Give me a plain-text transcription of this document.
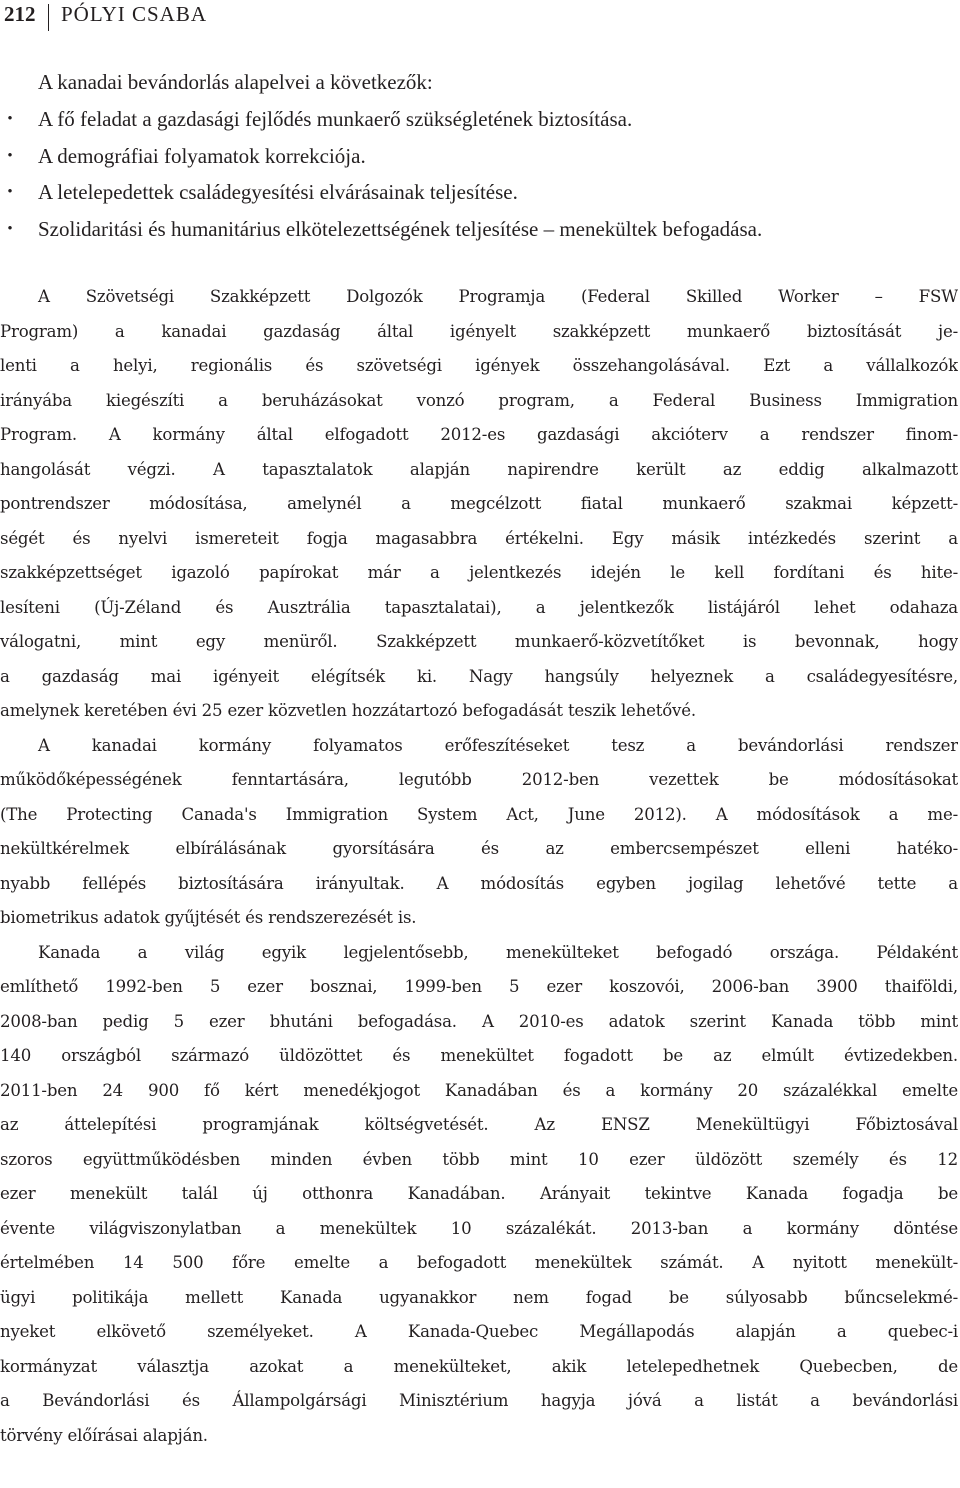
212 PÓLYI CSABA
A kanadai bevándorlás alapelvei a következők:
• A fő feladat a gazdasági fejlődés munkaerő szükségletének biztosítása.
• A demográfiai folyamatok korrekciója.
• A letelepedettek családegyesítési elvárásainak teljesítése.
• Szolidaritási és humanitárius elkötelezettségének teljesítése – menekültek befogadása.
A Szövetségi Szakképzett Dolgozók Programja (Federal Skilled Worker – FSW
Program) a kanadai gazdaság által igényelt szakképzett munkaerő biztosítását je-
lenti a helyi, regionális és szövetségi igények összehangolásával. Ezt a vállalkozók
irányába kiegészíti a beruházásokat vonzó program, a Federal Business Immigration
Program. A kormány által elfogadott 2012-es gazdasági akcióterv a rendszer finom-
hangolását végzi. A tapasztalatok alapján napirendre került az eddig alkalmazott
pontrendszer módosítása, amelynél a megcélzott fiatal munkaerő szakmai képzett-
ségét és nyelvi ismereteit fogja magasabbra értékelni. Egy másik intézkedés szerint a
szakképzettséget igazoló papírokat már a jelentkezés idején le kell fordítani és hite-
lesíteni (Új-Zéland és Ausztrália tapasztalatai), a jelentkezők listájáról lehet odahaza
válogatni, mint egy menüről. Szakképzett munkaerő-közvetítőket is bevonnak, hogy
a gazdaság mai igényeit elégítsék ki. Nagy hangsúly helyeznek a családegyesítésre,
amelynek keretében évi 25 ezer közvetlen hozzátartozó befogadását teszik lehetővé.
A kanadai kormány folyamatos erőfeszítéseket tesz a bevándorlási rendszer
működőképességének fenntartására, legutóbb 2012-ben vezettek be módosításokat
(The Protecting Canada's Immigration System Act, June 2012). A módosítások a me-
nekültkérelmek elbírálásának gyorsítására és az embercsempészet elleni hatéko-
nyabb fellépés biztosítására irányultak. A módosítás egyben jogilag lehetővé tette a
biometrikus adatok gyűjtését és rendszerezését is.
Kanada a világ egyik legjelentősebb, menekülteket befogadó országa. Példaként
említhető 1992-ben 5 ezer bosznai, 1999-ben 5 ezer koszovói, 2006-ban 3900 thaiföldi,
2008-ban pedig 5 ezer bhutáni befogadása. A 2010-es adatok szerint Kanada több mint
140 országból származó üldözöttet és menekültet fogadott be az elmúlt évtizedekben.
2011-ben 24 900 fő kért menedékjogot Kanadában és a kormány 20 százalékkal emelte
az áttelepítési programjának költségvetését. Az ENSZ Menekültügyi Főbiztosával
szoros együttműködésben minden évben több mint 10 ezer üldözött személy és 12
ezer menekült talál új otthonra Kanadában. Arányait tekintve Kanada fogadja be
évente világviszonylatban a menekültek 10 százalékát. 2013-ban a kormány döntése
értelmében 14 500 főre emelte a befogadott menekültek számát. A nyitott menekült-
ügyi politikája mellett Kanada ugyanakkor nem fogad be súlyosabb bűncselekmé-
nyeket elkövető személyeket. A Kanada-Quebec Megállapodás alapján a quebec-i
kormányzat választja azokat a menekülteket, akik letelepedhetnek Quebecben, de
a Bevándorlási és Állampolgársági Minisztérium hagyja jóvá a listát a bevándorlási
törvény előírásai alapján.
